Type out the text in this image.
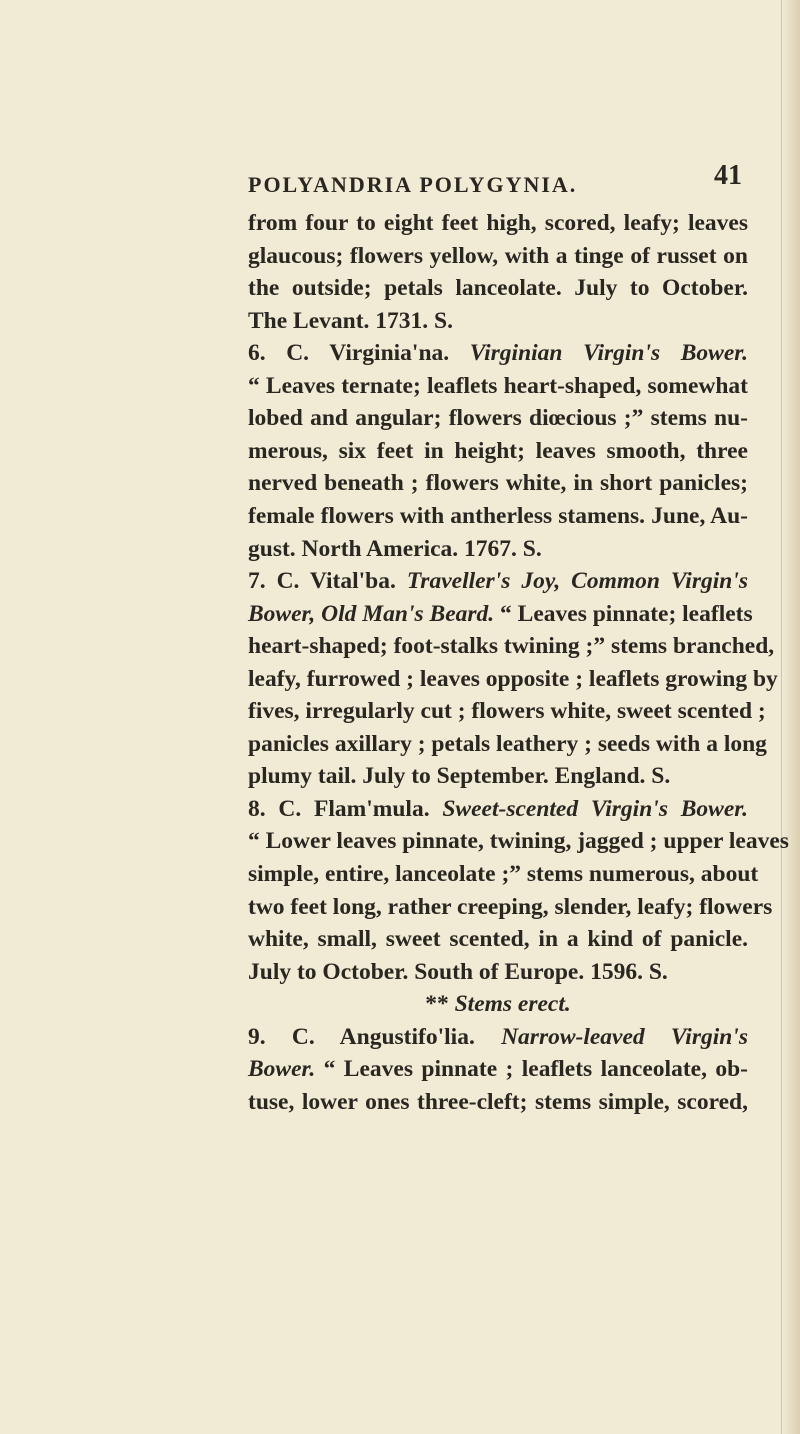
POLYANDRIA POLYGYNIA.	41
from four to eight feet high, scored, leafy; leaves
glaucous; flowers yellow, with a tinge of russet on
the outside; petals lanceolate. July to October.
The Levant. 1731. S.
6. C. Virginia'na. Virginian Virgin's Bower.
“ Leaves ternate; leaflets heart-shaped, somewhat
lobed and angular; flowers diœcious ;” stems nu-
merous, six feet in height; leaves smooth, three
nerved beneath ; flowers white, in short panicles;
female flowers with antherless stamens. June, Au-
gust. North America. 1767. S.
7. C. Vital'ba. Traveller's Joy, Common Virgin's
Bower, Old Man's Beard. “ Leaves pinnate; leaflets
heart-shaped; foot-stalks twining ;” stems branched,
leafy, furrowed ; leaves opposite ; leaflets growing by
fives, irregularly cut ; flowers white, sweet scented ;
panicles axillary ; petals leathery ; seeds with a long
plumy tail. July to September. England. S.
8. C. Flam'mula. Sweet-scented Virgin's Bower.
“ Lower leaves pinnate, twining, jagged ; upper leaves
simple, entire, lanceolate ;” stems numerous, about
two feet long, rather creeping, slender, leafy; flowers
white, small, sweet scented, in a kind of panicle.
July to October. South of Europe. 1596. S.
** Stems erect.
9. C. Angustifo'lia. Narrow-leaved Virgin's
Bower. “ Leaves pinnate ; leaflets lanceolate, ob-
tuse, lower ones three-cleft; stems simple, scored,
